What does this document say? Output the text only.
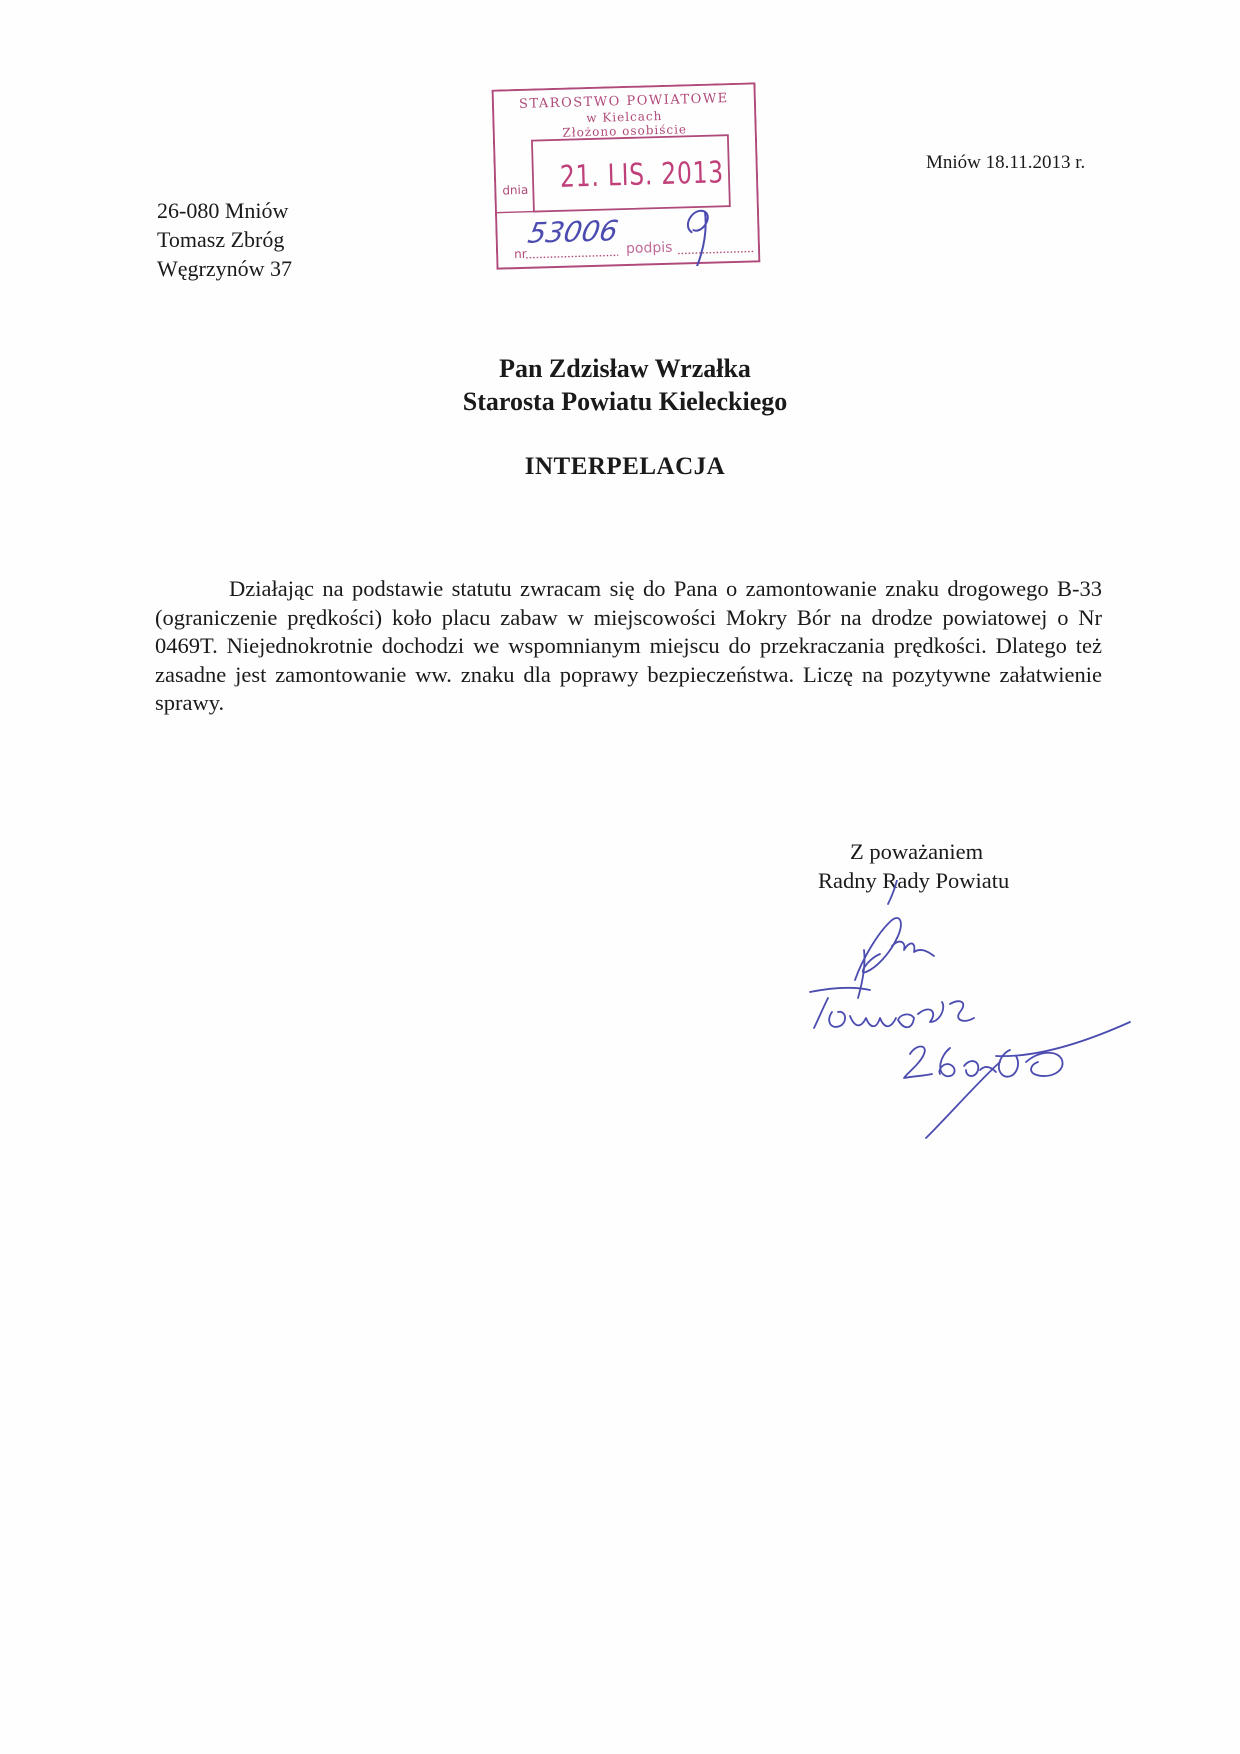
Mniów 18.11.2013 r.
26-080 Mniów
Tomasz Zbróg
Węgrzynów 37
STAROSTWO POWIATOWE
w Kielcach
Złożono osobiście
dnia 21. LIS. 2013
nr
53006 podpis
Pan Zdzisław Wrzałka
Starosta Powiatu Kieleckiego
INTERPELACJA
Działając na podstawie statutu zwracam się do Pana o zamontowanie znaku drogowego B-33 (ograniczenie prędkości) koło placu zabaw w miejscowości Mokry Bór na drodze powiatowej o Nr 0469T. Niejednokrotnie dochodzi we wspomnianym miejscu do przekraczania prędkości. Dlatego też zasadne jest zamontowanie ww. znaku dla poprawy bezpieczeństwa. Liczę na pozytywne załatwienie sprawy.
Z poważaniem
Radny Rady Powiatu
